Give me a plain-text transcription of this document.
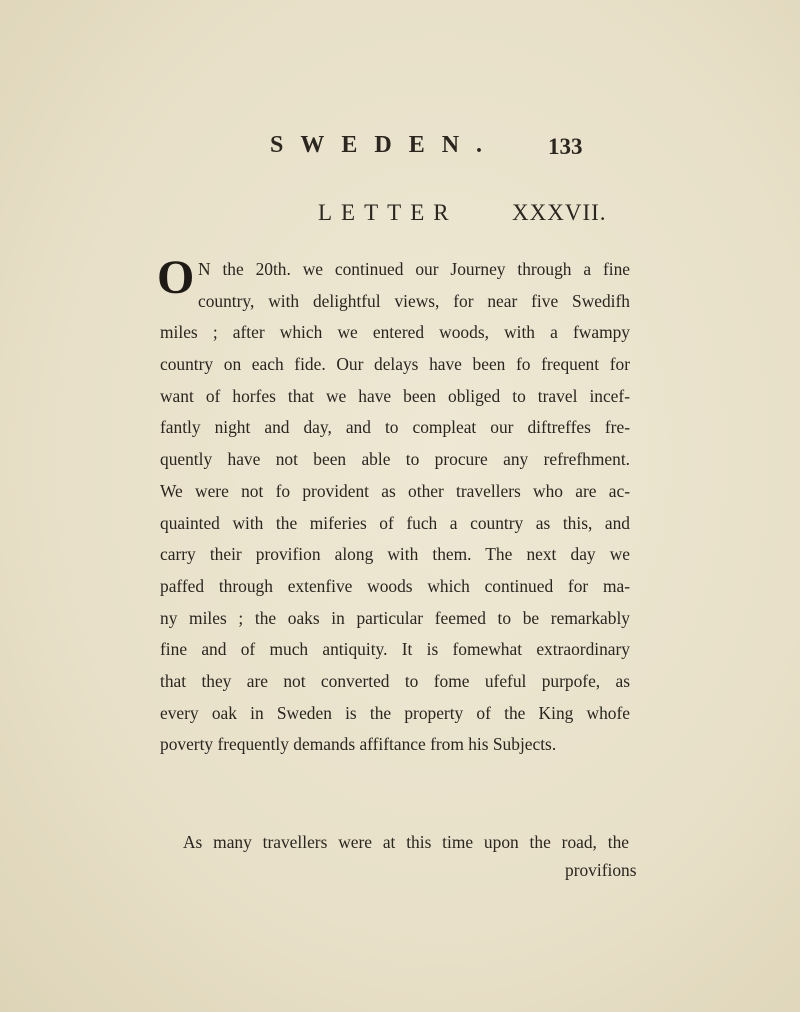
SWEDEN. 133
LETTER XXXVII.
O N the 20th. we continued our Journey through a fine
country, with delightful views, for near five Swedifh
miles ; after which we entered woods, with a fwampy
country on each fide. Our delays have been fo frequent for
want of horfes that we have been obliged to travel incef-
fantly night and day, and to compleat our diftreffes fre-
quently have not been able to procure any refrefhment.
We were not fo provident as other travellers who are ac-
quainted with the miferies of fuch a country as this, and
carry their provifion along with them. The next day we
paffed through extenfive woods which continued for ma-
ny miles ; the oaks in particular feemed to be remarkably
fine and of much antiquity. It is fomewhat extraordinary
that they are not converted to fome ufeful purpofe, as
every oak in Sweden is the property of the King whofe
poverty frequently demands affiftance from his Subjects.
As many travellers were at this time upon the road, the
provifions
